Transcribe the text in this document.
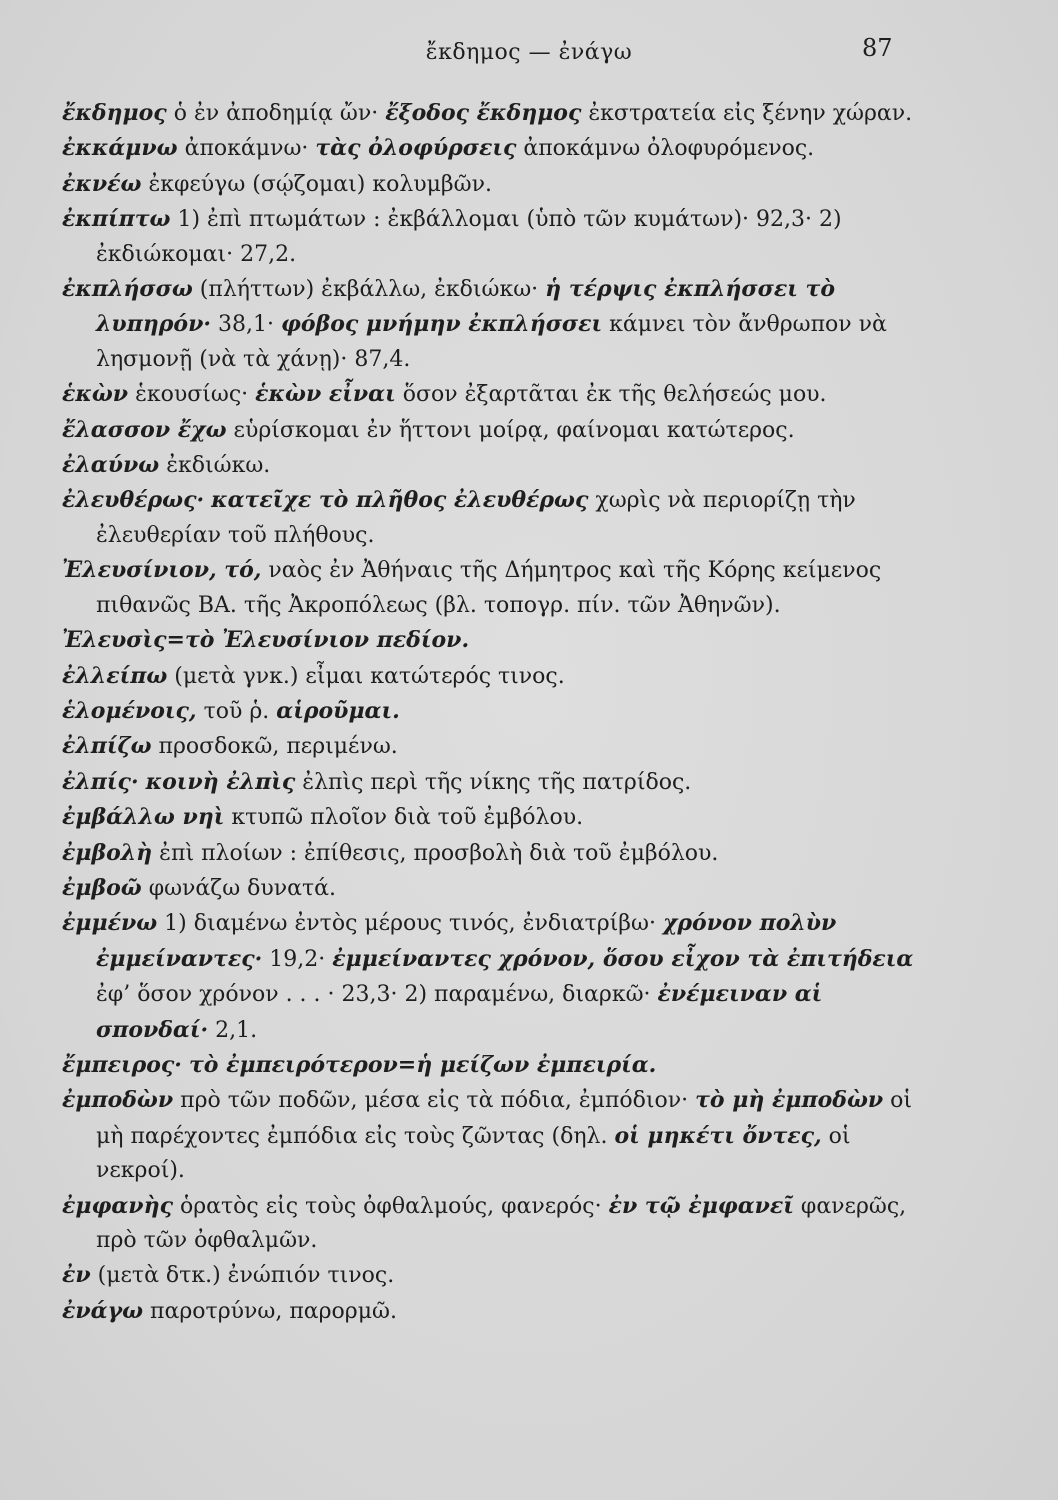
ἔκδημος — ἐνάγω	87

ἔκδημος ὁ ἐν ἀποδημίᾳ ὤν· ἔξοδος ἔκδημος ἐκστρατεία εἰς ξένην χώραν.

ἐκκάμνω ἀποκάμνω· τὰς ὀλοφύρσεις ἀποκάμνω ὀλοφυρόμενος.

ἐκνέω ἐκφεύγω (σῴζομαι) κολυμβῶν.

ἐκπίπτω 1) ἐπὶ πτωμάτων : ἐκβάλλομαι (ὑπὸ τῶν κυμάτων)· 92,3· 2) ἐκδιώκομαι· 27,2.

ἐκπλήσσω (πλήττων) ἐκβάλλω, ἐκδιώκω· ἡ τέρψις ἐκπλήσσει τὸ λυπηρόν· 38,1· φόβος μνήμην ἐκπλήσσει κάμνει τὸν ἄνθρωπον νὰ λησμονῇ (νὰ τὰ χάνῃ)· 87,4.

ἑκὼν ἑκουσίως· ἑκὼν εἶναι ὅσον ἐξαρτᾶται ἐκ τῆς θελήσεώς μου.

ἔλασσον ἔχω εὑρίσκομαι ἐν ἥττονι μοίρᾳ, φαίνομαι κατώτερος.

ἐλαύνω ἐκδιώκω.

ἐλευθέρως· κατεῖχε τὸ πλῆθος ἐλευθέρως χωρὶς νὰ περιορίζῃ τὴν ἐλευθερίαν τοῦ πλήθους.

Ἐλευσίνιον, τό, ναὸς ἐν Ἀθήναις τῆς Δήμητρος καὶ τῆς Κόρης κείμενος πιθανῶς ΒΑ. τῆς Ἀκροπόλεως (βλ. τοπογρ. πίν. τῶν Ἀθηνῶν).

Ἐλευσὶς=τὸ Ἐλευσίνιον πεδίον.

ἐλλείπω (μετὰ γνκ.) εἶμαι κατώτερός τινος.

ἑλομένοις, τοῦ ῥ. αἱροῦμαι.

ἐλπίζω προσδοκῶ, περιμένω.

ἐλπίς· κοινὴ ἐλπὶς ἐλπὶς περὶ τῆς νίκης τῆς πατρίδος.

ἐμβάλλω νηὶ κτυπῶ πλοῖον διὰ τοῦ ἐμβόλου.

ἐμβολὴ ἐπὶ πλοίων : ἐπίθεσις, προσβολὴ διὰ τοῦ ἐμβόλου.

ἐμβοῶ φωνάζω δυνατά.

ἐμμένω 1) διαμένω ἐντὸς μέρους τινός, ἐνδιατρίβω· χρόνον πολὺν ἐμμείναντες· 19,2· ἐμμείναντες χρόνον, ὅσου εἶχον τὰ ἐπιτήδεια ἐφ’ ὅσον χρόνον . . . · 23,3· 2) παραμένω, διαρκῶ· ἐνέμειναν αἱ σπονδαί· 2,1.

ἔμπειρος· τὸ ἐμπειρότερον=ἡ μείζων ἐμπειρία.

ἐμποδὼν πρὸ τῶν ποδῶν, μέσα εἰς τὰ πόδια, ἐμπόδιον· τὸ μὴ ἐμποδὼν οἱ μὴ παρέχοντες ἐμπόδια εἰς τοὺς ζῶντας (δηλ. οἱ μηκέτι ὄντες, οἱ νεκροί).

ἐμφανὴς ὁρατὸς εἰς τοὺς ὀφθαλμούς, φανερός· ἐν τῷ ἐμφανεῖ φανερῶς, πρὸ τῶν ὀφθαλμῶν.

ἐν (μετὰ δτκ.) ἐνώπιόν τινος.

ἐνάγω παροτρύνω, παρορμῶ.
